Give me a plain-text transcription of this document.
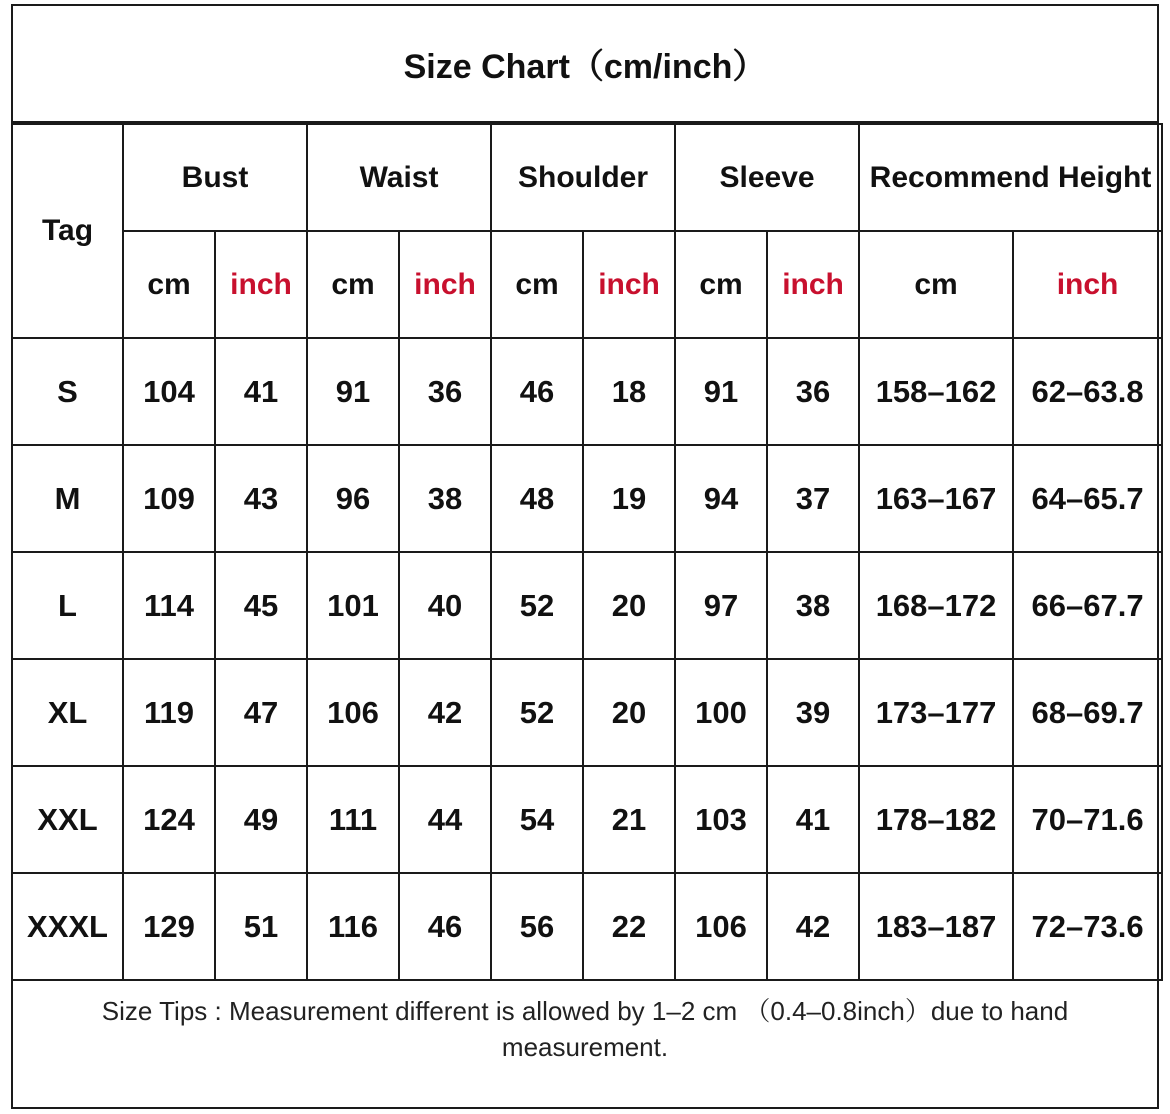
Size Chart（cm/inch）
Tag	Bust		Waist		Shoulder		Sleeve		Recommend Height	
	cm	inch	cm	inch	cm	inch	cm	inch	cm	inch
S	104	41	91	36	46	18	91	36	158–162	62–63.8
M	109	43	96	38	48	19	94	37	163–167	64–65.7
L	114	45	101	40	52	20	97	38	168–172	66–67.7
XL	119	47	106	42	52	20	100	39	173–177	68–69.7
XXL	124	49	111	44	54	21	103	41	178–182	70–71.6
XXXL	129	51	116	46	56	22	106	42	183–187	72–73.6
Size Tips : Measurement different is allowed by 1–2 cm （0.4–0.8inch）due to hand measurement.
